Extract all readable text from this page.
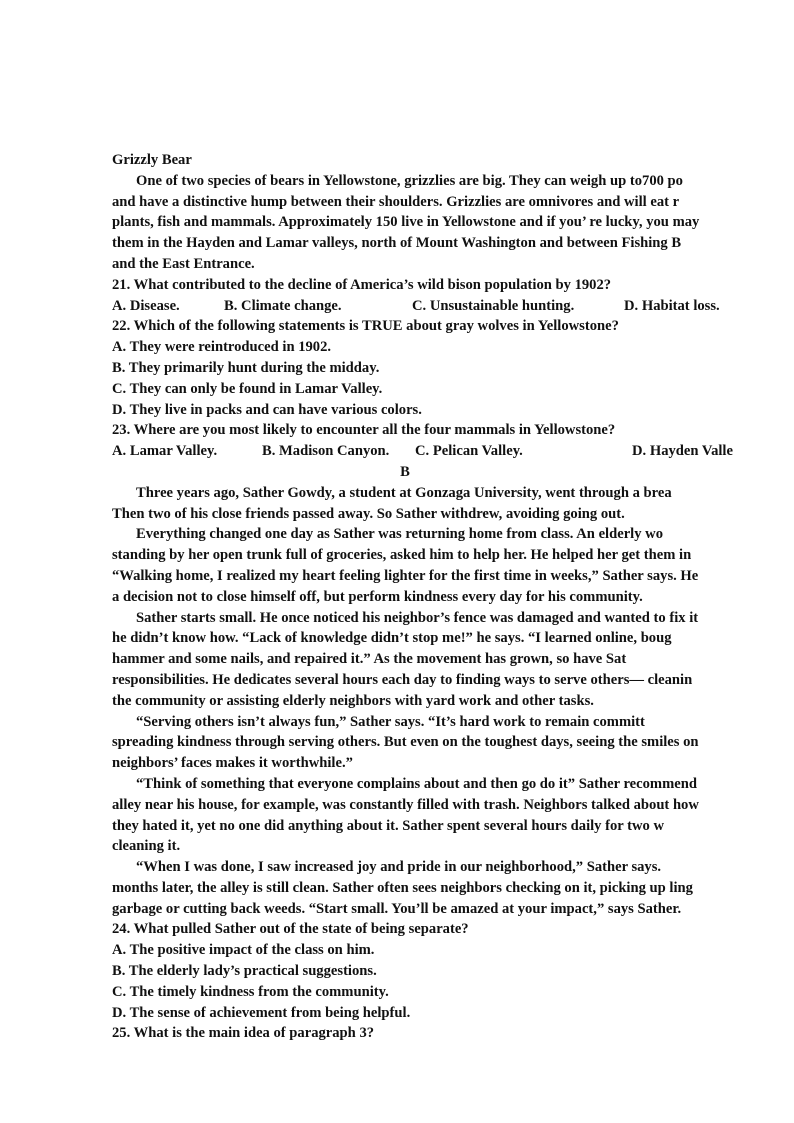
Grizzly Bear
One of two species of bears in Yellowstone, grizzlies are big. They can weigh up to700 po
and have a distinctive hump between their shoulders. Grizzlies are omnivores and will eat r
plants, fish and mammals. Approximately 150 live in Yellowstone and if you’ re lucky, you may
them in the Hayden and Lamar valleys, north of Mount Washington and between Fishing B
and the East Entrance.
21. What contributed to the decline of America’s wild bison population by 1902?
A. Disease.	B. Climate change.	C. Unsustainable hunting.	D. Habitat loss.
22. Which of the following statements is TRUE about gray wolves in Yellowstone?
A. They were reintroduced in 1902.
B. They primarily hunt during the midday.
C. They can only be found in Lamar Valley.
D. They live in packs and can have various colors.
23. Where are you most likely to encounter all the four mammals in Yellowstone?
A. Lamar Valley.	B. Madison Canyon. C. Pelican Valley.	D. Hayden Valle
B
Three years ago, Sather Gowdy, a student at Gonzaga University, went through a brea
Then two of his close friends passed away. So Sather withdrew, avoiding going out.
Everything changed one day as Sather was returning home from class. An elderly wo
standing by her open trunk full of groceries, asked him to help her. He helped her get them in
“Walking home, I realized my heart feeling lighter for the first time in weeks,” Sather says. He
a decision not to close himself off, but perform kindness every day for his community.
Sather starts small. He once noticed his neighbor’s fence was damaged and wanted to fix it
he didn’t know how. “Lack of knowledge didn’t stop me!” he says. “I learned online, boug
hammer and some nails, and repaired it.” As the movement has grown, so have Sat
responsibilities. He dedicates several hours each day to finding ways to serve others— cleanin
the community or assisting elderly neighbors with yard work and other tasks.
“Serving others isn’t always fun,” Sather says. “It’s hard work to remain committ
spreading kindness through serving others. But even on the toughest days, seeing the smiles on
neighbors’ faces makes it worthwhile.”
“Think of something that everyone complains about and then go do it” Sather recommend
alley near his house, for example, was constantly filled with trash. Neighbors talked about how
they hated it, yet no one did anything about it. Sather spent several hours daily for two w
cleaning it.
“When I was done, I saw increased joy and pride in our neighborhood,” Sather says.
months later, the alley is still clean. Sather often sees neighbors checking on it, picking up ling
garbage or cutting back weeds. “Start small. You’ll be amazed at your impact,” says Sather.
24. What pulled Sather out of the state of being separate?
A. The positive impact of the class on him.
B. The elderly lady’s practical suggestions.
C. The timely kindness from the community.
D. The sense of achievement from being helpful.
25. What is the main idea of paragraph 3?
